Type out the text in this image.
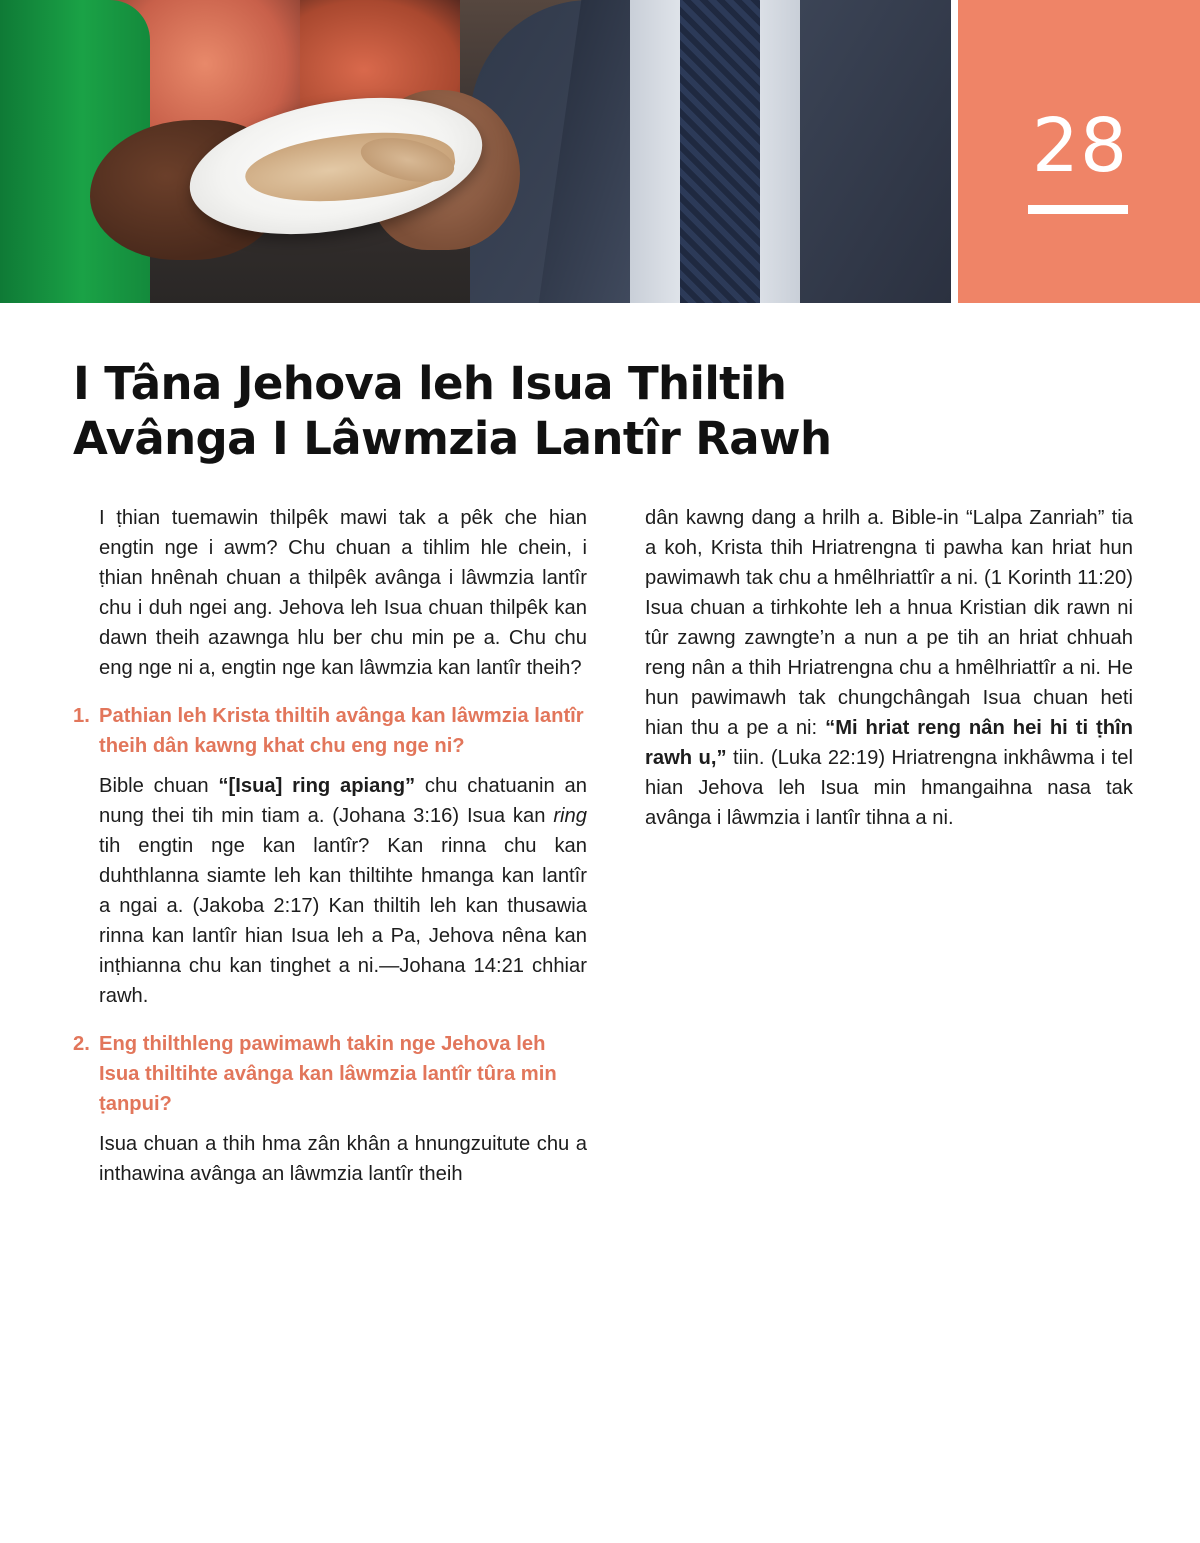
28
I Tâna Jehova leh Isua Thiltih
Avânga I Lâwmzia Lantîr Rawh

I ṭhian tuemawin thilpêk mawi tak a pêk che hian engtin nge i awm? Chu chuan a tihlim hle chein, i ṭhian hnênah chuan a thilpêk avânga i lâwmzia lantîr chu i duh ngei ang. Jehova leh Isua chuan thilpêk kan dawn theih azawnga hlu ber chu min pe a. Chu chu eng nge ni a, engtin nge kan lâwmzia kan lantîr theih?

1. Pathian leh Krista thiltih avânga kan lâwmzia lantîr theih dân kawng khat chu eng nge ni?

Bible chuan “[Isua] ring apiang” chu chatuanin an nung thei tih min tiam a. (Johana 3:16) Isua kan ring tih engtin nge kan lantîr? Kan rinna chu kan duhthlanna siamte leh kan thiltihte hmanga kan lantîr a ngai a. (Jakoba 2:17) Kan thiltih leh kan thusawia rinna kan lantîr hian Isua leh a Pa, Jehova nêna kan inṭhianna chu kan tinghet a ni.—Johana 14:21 chhiar rawh.

2. Eng thilthleng pawimawh takin nge Jehova leh Isua thiltihte avânga kan lâwmzia lantîr tûra min ṭanpui?

Isua chuan a thih hma zân khân a hnungzuitute chu a inthawina avânga an lâwmzia lantîr theih

dân kawng dang a hrilh a. Bible-in “Lalpa Zanriah” tia a koh, Krista thih Hriatrengna ti pawha kan hriat hun pawimawh tak chu a hmêlhriattîr a ni. (1 Korinth 11:20) Isua chuan a tirhkohte leh a hnua Kristian dik rawn ni tûr zawng zawngte’n a nun a pe tih an hriat chhuah reng nân a thih Hriatrengna chu a hmêlhriattîr a ni. He hun pawimawh tak chungchângah Isua chuan heti hian thu a pe a ni: “Mi hriat reng nân hei hi ti ṭhîn rawh u,” tiin. (Luka 22:19) Hriatrengna inkhâwma i tel hian Jehova leh Isua min hmangaihna nasa tak avânga i lâwmzia i lantîr tihna a ni.
